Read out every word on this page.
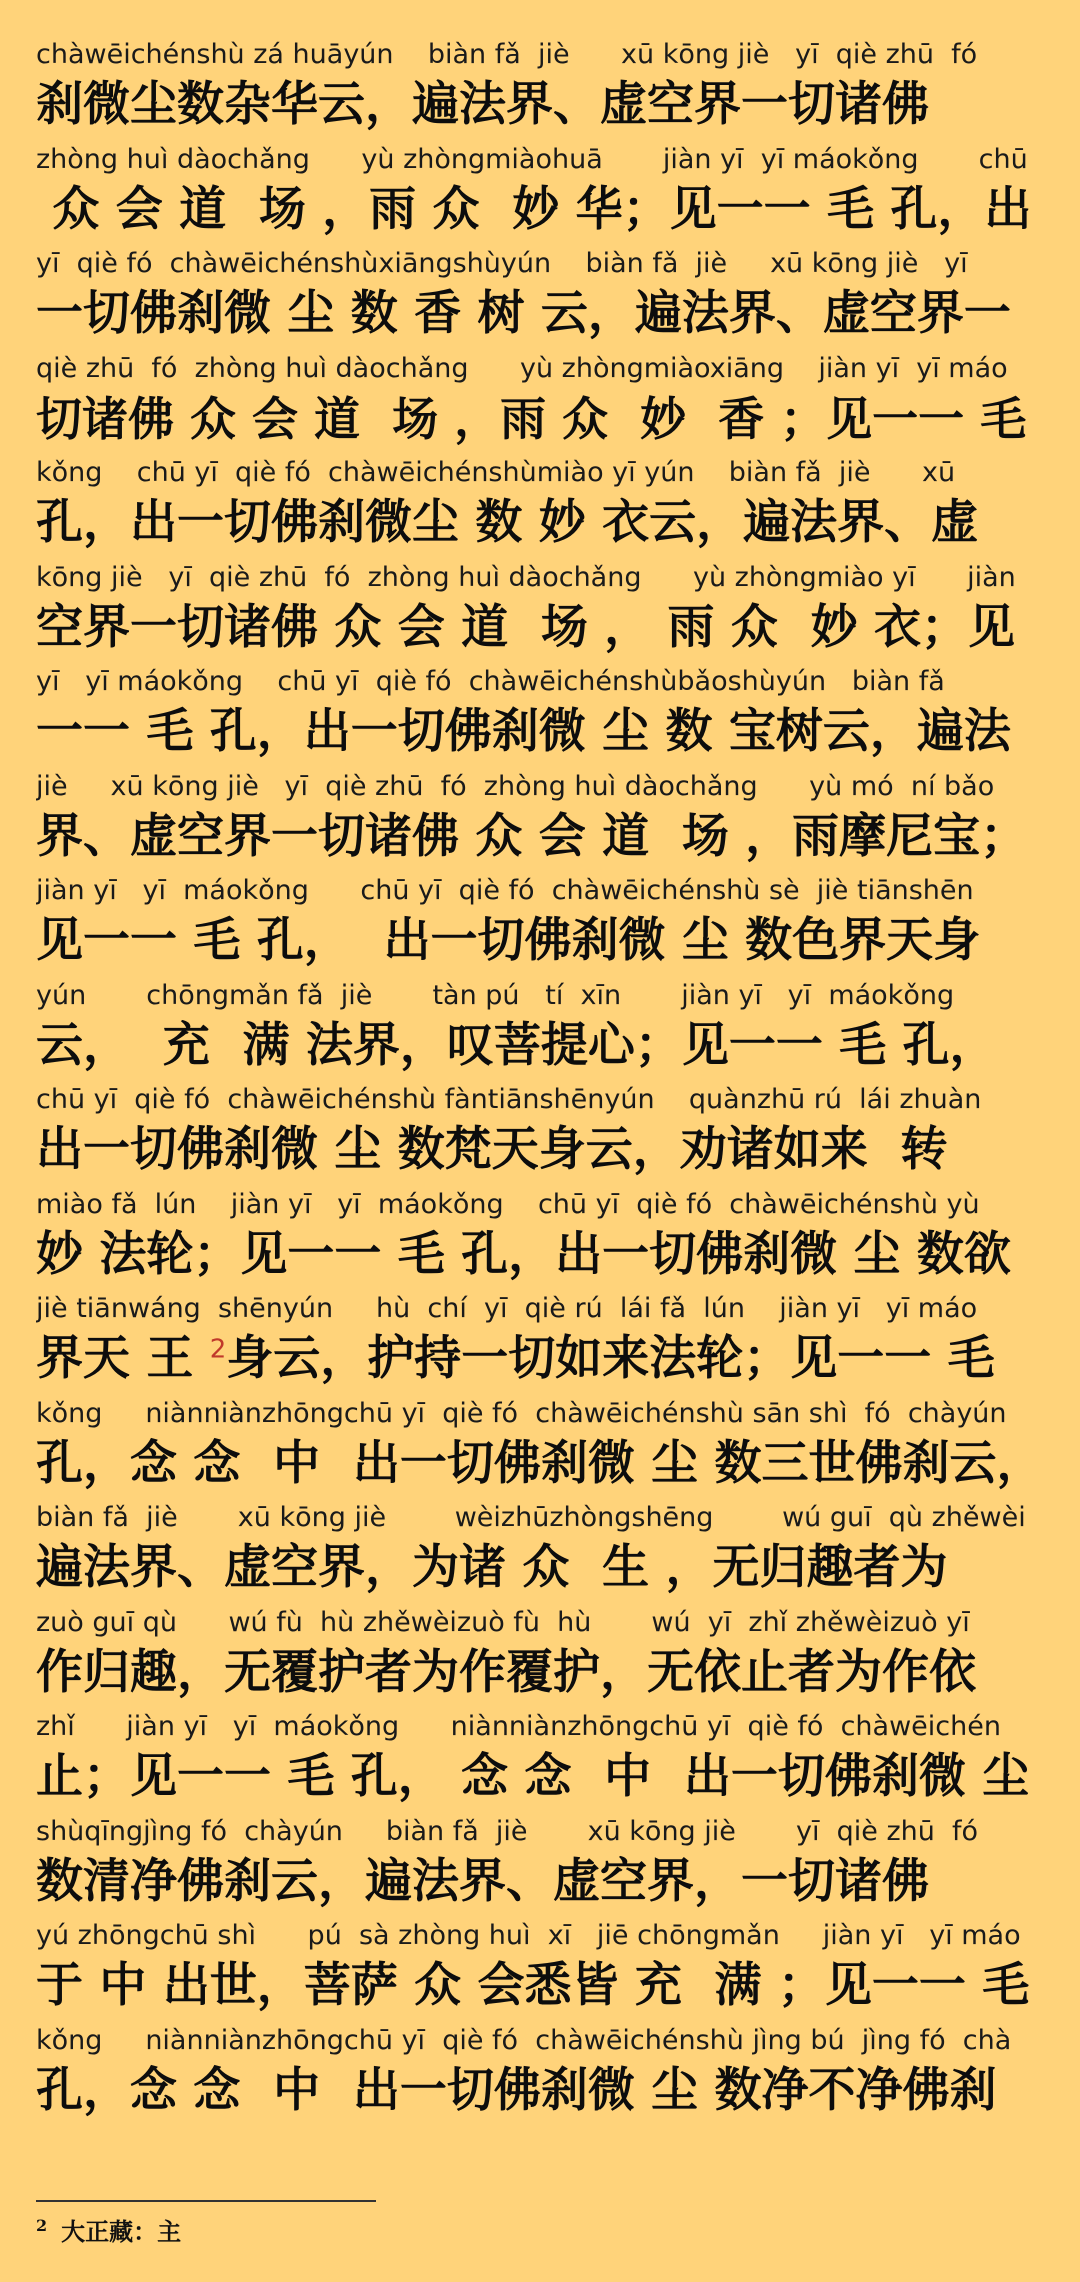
chàwēichénshù zá huāyún    biàn fǎ  jiè      xū kōng jiè   yī  qiè zhū  fó
刹微尘数杂华云，遍法界、虚空界一切诸佛
zhòng huì dàochǎng      yù zhòngmiàohuā       jiàn yī  yī máokǒng       chū
众 会 道  场 ，雨 众  妙 华；见一一 毛 孔，出
yī  qiè fó  chàwēichénshùxiāngshùyún    biàn fǎ  jiè     xū kōng jiè   yī
一切佛刹微 尘 数 香 树 云，遍法界、虚空界一
qiè zhū  fó  zhòng huì dàochǎng      yù zhòngmiàoxiāng    jiàn yī  yī máo
切诸佛 众 会 道  场 ，雨 众  妙  香 ；见一一 毛
kǒng    chū yī  qiè fó  chàwēichénshùmiào yī yún    biàn fǎ  jiè      xū
孔，出一切佛刹微尘 数 妙 衣云，遍法界、虚
kōng jiè   yī  qiè zhū  fó  zhòng huì dàochǎng      yù zhòngmiào yī      jiàn
空界一切诸佛 众 会 道  场 ， 雨 众  妙 衣；见
yī   yī máokǒng    chū yī  qiè fó  chàwēichénshùbǎoshùyún   biàn fǎ
一一 毛 孔，出一切佛刹微 尘 数 宝树云，遍法
jiè     xū kōng jiè   yī  qiè zhū  fó  zhòng huì dàochǎng      yù mó  ní bǎo
界、虚空界一切诸佛 众 会 道  场 ，雨摩尼宝；
jiàn yī   yī  máokǒng      chū yī  qiè fó  chàwēichénshù sè  jiè tiānshēn
见一一 毛 孔，  出一切佛刹微 尘 数色界天身
yún       chōngmǎn fǎ  jiè       tàn pú   tí  xīn       jiàn yī   yī  máokǒng
云，  充  满 法界，叹菩提心；见一一 毛 孔，
chū yī  qiè fó  chàwēichénshù fàntiānshēnyún    quànzhū rú  lái zhuàn
出一切佛刹微 尘 数梵天身云，劝诸如来  转
miào fǎ  lún    jiàn yī   yī  máokǒng    chū yī  qiè fó  chàwēichénshù yù
妙 法轮；见一一 毛 孔，出一切佛刹微 尘 数欲
jiè tiānwáng  shēnyún     hù  chí  yī  qiè rú  lái fǎ  lún    jiàn yī   yī máo
界天 王 $^2$身云，护持一切如来法轮；见一一 毛
kǒng     niànniànzhōngchū yī  qiè fó  chàwēichénshù sān shì  fó  chàyún
孔，念 念  中  出一切佛刹微 尘 数三世佛刹云，
biàn fǎ  jiè       xū kōng jiè        wèizhūzhòngshēng        wú guī  qù zhěwèi
遍法界、虚空界，为诸 众  生 ，无归趣者为
zuò guī qù      wú fù  hù zhěwèizuò fù  hù       wú  yī  zhǐ zhěwèizuò yī
作归趣，无覆护者为作覆护，无依止者为作依
zhǐ      jiàn yī   yī  máokǒng      niànniànzhōngchū yī  qiè fó  chàwēichén
止；见一一 毛 孔， 念 念  中  出一切佛刹微 尘
shùqīngjìng fó  chàyún     biàn fǎ  jiè       xū kōng jiè       yī  qiè zhū  fó
数清净佛刹云，遍法界、虚空界，一切诸佛
yú zhōngchū shì      pú  sà zhòng huì  xī   jiē chōngmǎn     jiàn yī   yī máo
于 中 出世，菩萨 众 会悉皆 充  满 ；见一一 毛
kǒng     niànniànzhōngchū yī  qiè fó  chàwēichénshù jìng bú  jìng fó  chà
孔，念 念  中  出一切佛刹微 尘 数净不净佛刹
$^2$ 大正藏：主
